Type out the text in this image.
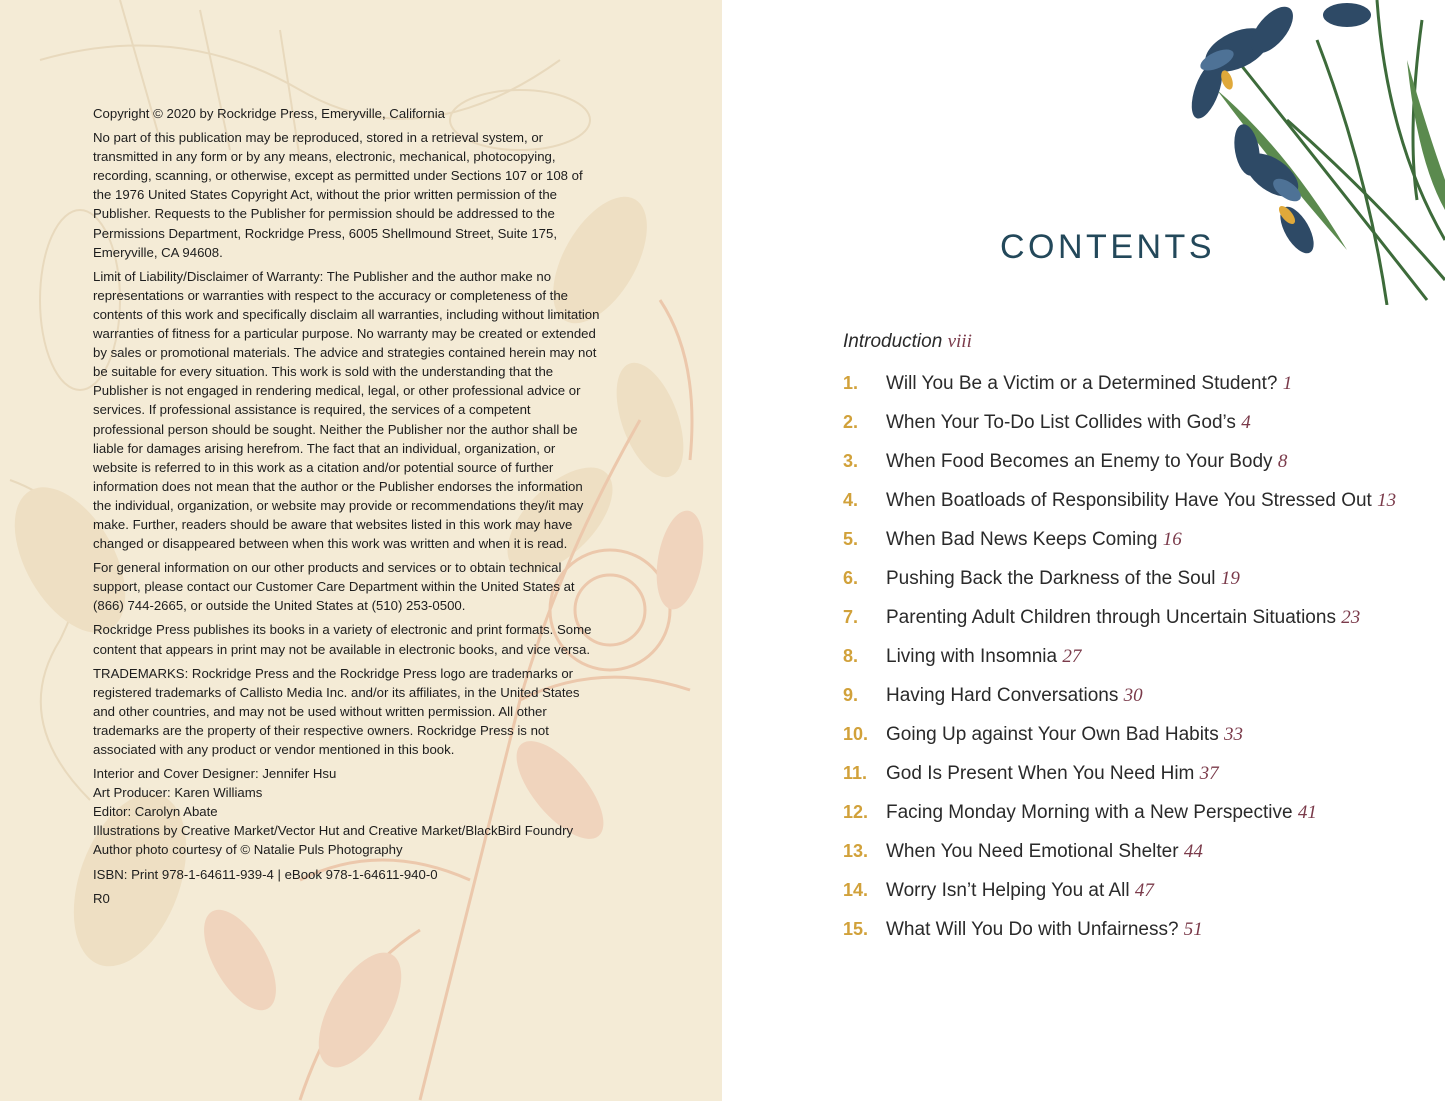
Copyright © 2020 by Rockridge Press, Emeryville, California

No part of this publication may be reproduced, stored in a retrieval system, or transmitted in any form or by any means, electronic, mechanical, photocopying, recording, scanning, or otherwise, except as permitted under Sections 107 or 108 of the 1976 United States Copyright Act, without the prior written permission of the Publisher. Requests to the Publisher for permission should be addressed to the Permissions Department, Rockridge Press, 6005 Shellmound Street, Suite 175, Emeryville, CA 94608.

Limit of Liability/Disclaimer of Warranty: The Publisher and the author make no representations or warranties with respect to the accuracy or completeness of the contents of this work and specifically disclaim all warranties, including without limitation warranties of fitness for a particular purpose. No warranty may be created or extended by sales or promotional materials. The advice and strategies contained herein may not be suitable for every situation. This work is sold with the understanding that the Publisher is not engaged in rendering medical, legal, or other professional advice or services. If professional assistance is required, the services of a competent professional person should be sought. Neither the Publisher nor the author shall be liable for damages arising herefrom. The fact that an individual, organization, or website is referred to in this work as a citation and/or potential source of further information does not mean that the author or the Publisher endorses the information the individual, organization, or website may provide or recommendations they/it may make. Further, readers should be aware that websites listed in this work may have changed or disappeared between when this work was written and when it is read.

For general information on our other products and services or to obtain technical support, please contact our Customer Care Department within the United States at (866) 744-2665, or outside the United States at (510) 253-0500.

Rockridge Press publishes its books in a variety of electronic and print formats. Some content that appears in print may not be available in electronic books, and vice versa.

TRADEMARKS: Rockridge Press and the Rockridge Press logo are trademarks or registered trademarks of Callisto Media Inc. and/or its affiliates, in the United States and other countries, and may not be used without written permission. All other trademarks are the property of their respective owners. Rockridge Press is not associated with any product or vendor mentioned in this book.

Interior and Cover Designer: Jennifer Hsu

Art Producer: Karen Williams

Editor: Carolyn Abate

Illustrations by Creative Market/Vector Hut and Creative Market/BlackBird Foundry

Author photo courtesy of © Natalie Puls Photography

ISBN: Print 978-1-64611-939-4 | eBook 978-1-64611-940-0

R0

CONTENTS
Introduction viii
1. Will You Be a Victim or a Determined Student? 1
2. When Your To-Do List Collides with God’s 4
3. When Food Becomes an Enemy to Your Body 8
4. When Boatloads of Responsibility Have You Stressed Out 13
5. When Bad News Keeps Coming 16
6. Pushing Back the Darkness of the Soul 19
7. Parenting Adult Children through Uncertain Situations 23
8. Living with Insomnia 27
9. Having Hard Conversations 30
10. Going Up against Your Own Bad Habits 33
11. God Is Present When You Need Him 37
12. Facing Monday Morning with a New Perspective 41
13. When You Need Emotional Shelter 44
14. Worry Isn’t Helping You at All 47
15. What Will You Do with Unfairness? 51
